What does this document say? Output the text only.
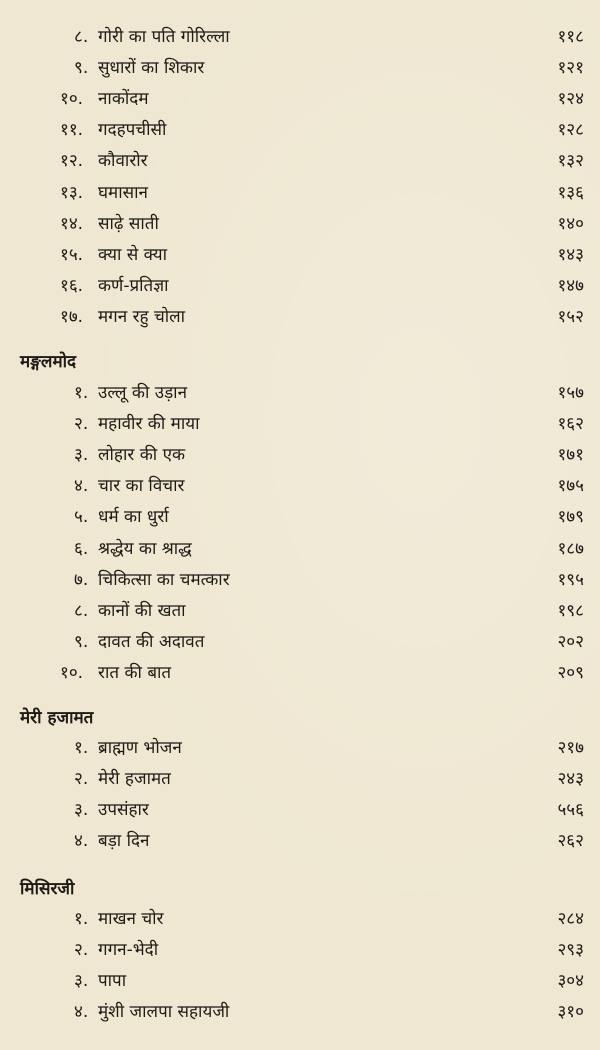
८. गोरी का पति गोरिल्ला	११८
९. सुधारों का शिकार	१२१
१०. नाकोंदम	१२४
११. गदहपचीसी	१२८
१२. कौवारोर	१३२
१३. घमासान	१३६
१४. साढ़े साती	१४०
१५. क्या से क्या	१४३
१६. कर्ण-प्रतिज्ञा	१४७
१७. मगन रहु चोला	१५२
मङ्गलमोद
१. उल्लू की उड़ान	१५७
२. महावीर की माया	१६२
३. लोहार की एक	१७१
४. चार का विचार	१७५
५. धर्म का धुर्रा	१७९
६. श्रद्धेय का श्राद्ध	१८७
७. चिकित्सा का चमत्कार	१९५
८. कानों की खता	१९८
९. दावत की अदावत	२०२
१०. रात की बात	२०९
मेरी हजामत
१. ब्राह्मण भोजन	२१७
२. मेरी हजामत	२४३
३. उपसंहार	५५६
४. बड़ा दिन	२६२
मिसिरजी
१. माखन चोर	२८४
२. गगन-भेदी	२९३
३. पापा	३०४
४. मुंशी जालपा सहायजी	३१०
